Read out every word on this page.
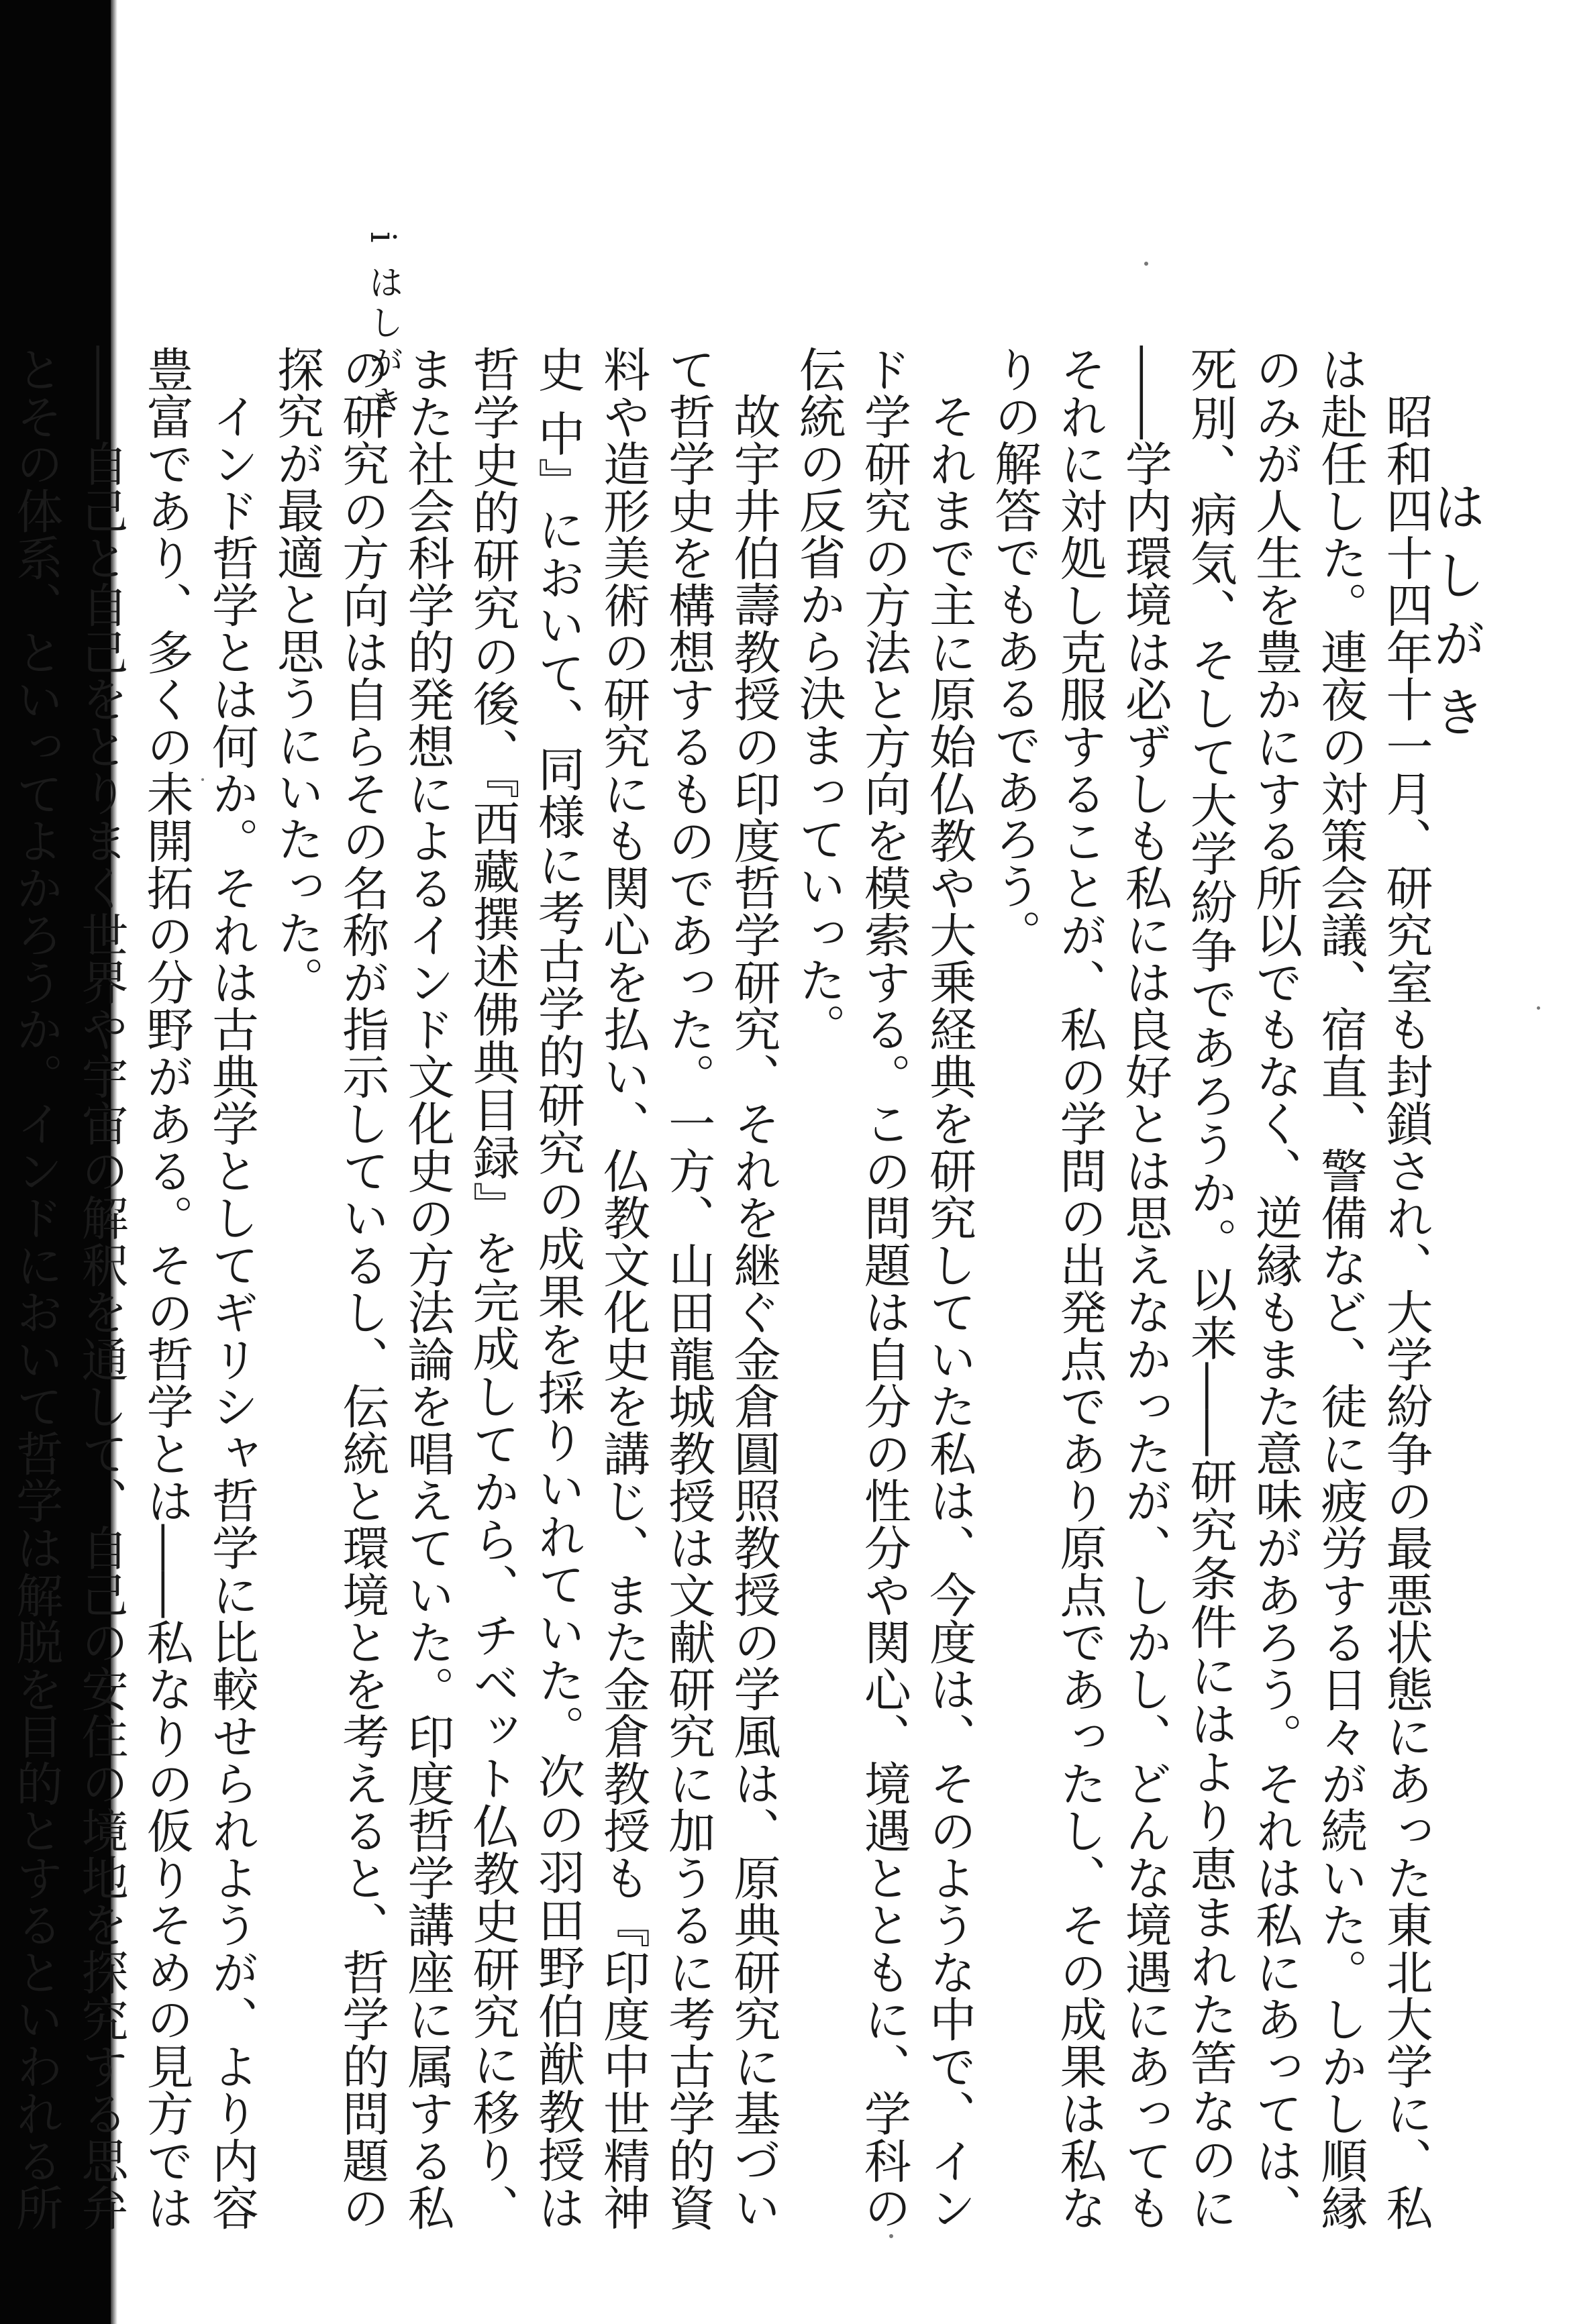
はしがき
i はしがき

昭和四十四年十一月、研究室も封鎖され、大学紛争の最悪状態にあった東北大学に、私は赴任した。連夜の対策会議、宿直、警備など、徒に疲労する日々が続いた。しかし順縁のみが人生を豊かにする所以でもなく、逆縁もまた意味があろう。それは私にあっては、死別、病気、そして大学紛争であろうか。以来――研究条件にはより恵まれた筈なのに――学内環境は必ずしも私には良好とは思えなかったが、しかし、どんな境遇にあってもそれに対処し克服することが、私の学問の出発点であり原点であったし、その成果は私なりの解答でもあるであろう。

それまで主に原始仏教や大乗経典を研究していた私は、今度は、そのような中で、インド学研究の方法と方向を模索する。この問題は自分の性分や関心、境遇とともに、学科の伝統の反省から決まっていった。

故宇井伯壽教授の印度哲学研究、それを継ぐ金倉圓照教授の学風は、原典研究に基づいて哲学史を構想するものであった。一方、山田龍城教授は文献研究に加うるに考古学的資料や造形美術の研究にも関心を払い、仏教文化史を講じ、また金倉教授も『印度中世精神史 中』において、同様に考古学的研究の成果を採りいれていた。次の羽田野伯猷教授は哲学史的研究の後、『西藏撰述佛典目録』を完成してから、チベット仏教史研究に移り、また社会科学的発想によるインド文化史の方法論を唱えていた。印度哲学講座に属する私の研究の方向は自らその名称が指示しているし、伝統と環境とを考えると、哲学的問題の探究が最適と思うにいたった。

インド哲学とは何か。それは古典学としてギリシャ哲学に比較せられようが、より内容豊富であり、多くの未開拓の分野がある。その哲学とは――私なりの仮りそめの見方では――自己と自己をとりまく世界や宇宙の解釈を通して、自己の安住の境地を探究する思弁とその体系、といってよかろうか。インドにおいて哲学は解脱を目的とするといわれる所
